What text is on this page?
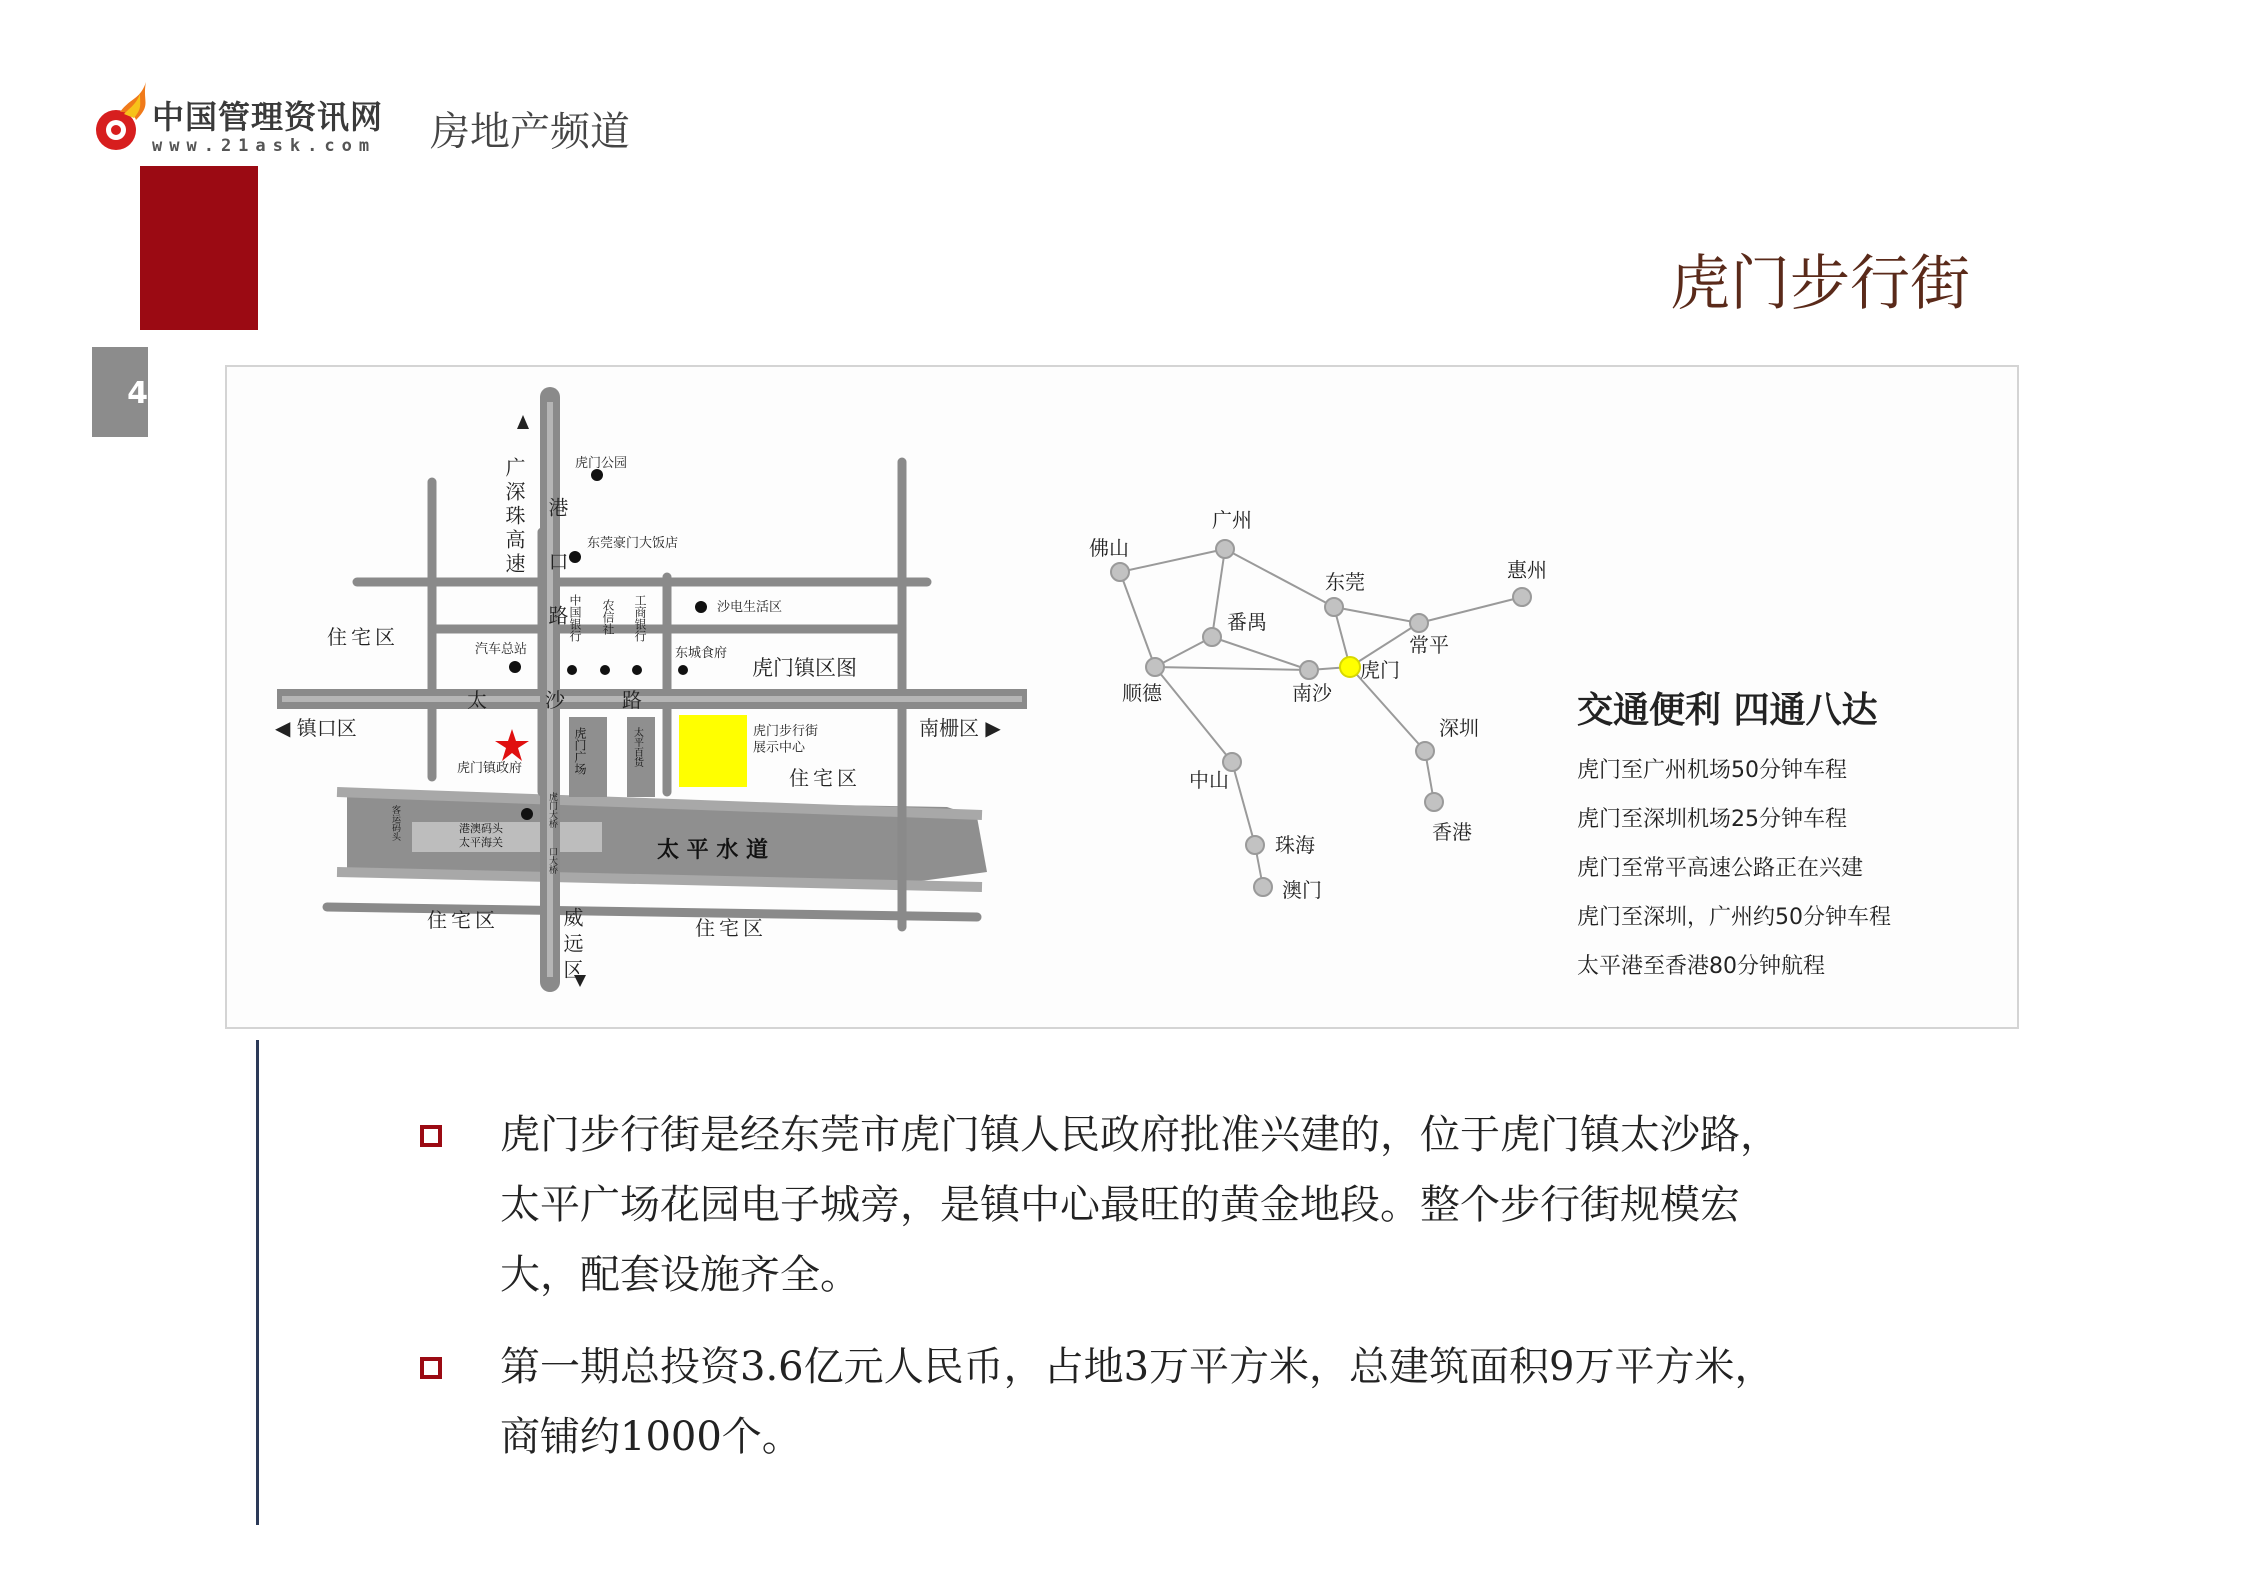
中国管理资讯网
www.21ask.com 房地产频道
4
虎门步行街
广深珠高速 港口路
太	沙	路
虎门公园
东莞豪门大饭店
沙电生活区
汽车总站
中国银行 农信社 工商银行
东城食府
虎门镇区图
◀ 镇口区	南栅区 ▶
虎门镇政府	虎门广场	太平百货	虎门步行街展示中心
住宅区
住宅区
住宅区	住宅区
威远区
太 平 水 道
港澳码头太平海关
客运码头	虎门大桥
口大桥
广州
佛山
东莞	惠州
番禺
常平
虎门
顺德	南沙
深圳
中山
香港
珠海
澳门
交通便利 四通八达
虎门至广州机场50分钟车程
虎门至深圳机场25分钟车程
虎门至常平高速公路正在兴建
虎门至深圳，广州约50分钟车程
太平港至香港80分钟航程
虎门步行街是经东莞市虎门镇人民政府批准兴建的，位于虎门镇太沙路，
太平广场花园电子城旁，是镇中心最旺的黄金地段。整个步行街规模宏
大，配套设施齐全。
第一期总投资3.6亿元人民币，占地3万平方米，总建筑面积9万平方米，
商铺约1000个。
